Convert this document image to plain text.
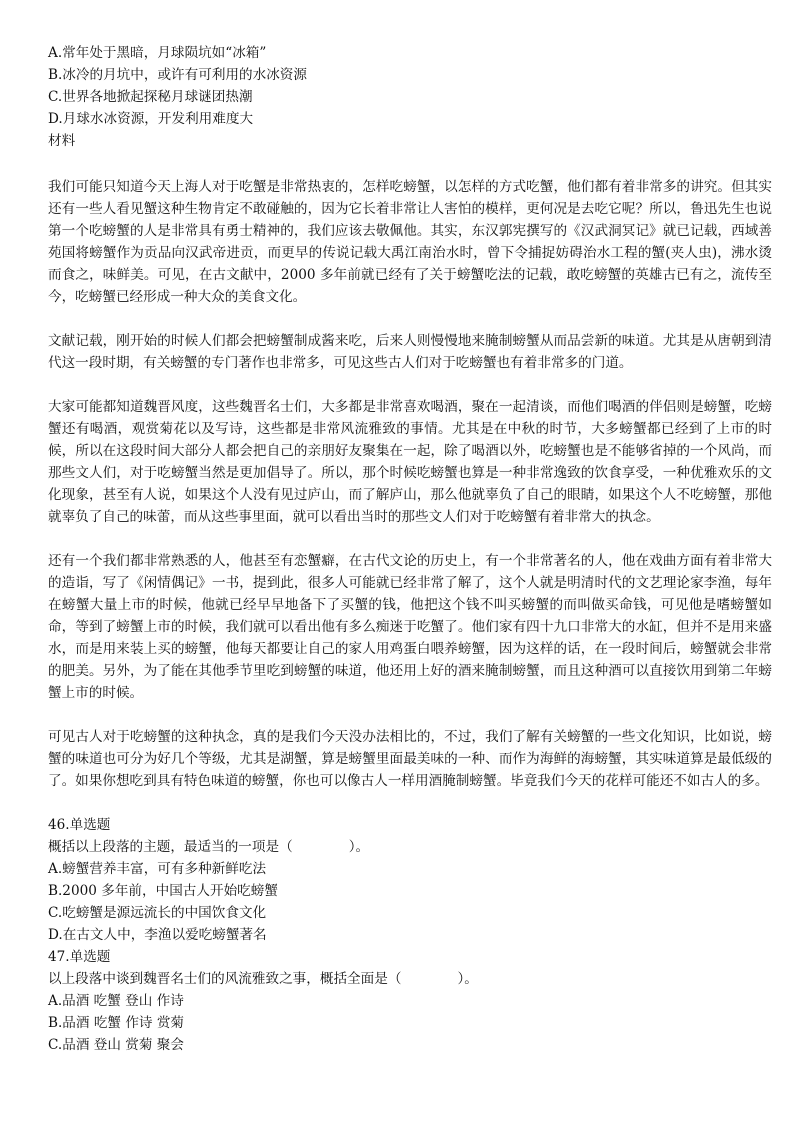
A.常年处于黑暗，月球陨坑如“冰箱”

B.冰冷的月坑中，或许有可利用的水冰资源

C.世界各地掀起探秘月球谜团热潮

D.月球水冰资源，开发利用难度大

材料

我们可能只知道今天上海人对于吃蟹是非常热衷的，怎样吃螃蟹，以怎样的方式吃蟹，他们都有着非常多的讲究。但其实还有一些人看见蟹这种生物肯定不敢碰触的，因为它长着非常让人害怕的模样，更何况是去吃它呢？所以，鲁迅先生也说第一个吃螃蟹的人是非常具有勇士精神的，我们应该去敬佩他。其实，东汉郭宪撰写的《汉武洞冥记》就已记载，西域善苑国将螃蟹作为贡品向汉武帝进贡，而更早的传说记载大禹江南治水时，曾下令捕捉妨碍治水工程的蟹(夹人虫)，沸水烫而食之，味鲜美。可见，在古文献中，2000 多年前就已经有了关于螃蟹吃法的记载，敢吃螃蟹的英雄古已有之，流传至今，吃螃蟹已经形成一种大众的美食文化。

文献记载，刚开始的时候人们都会把螃蟹制成酱来吃，后来人则慢慢地来腌制螃蟹从而品尝新的味道。尤其是从唐朝到清代这一段时期，有关螃蟹的专门著作也非常多，可见这些古人们对于吃螃蟹也有着非常多的门道。

大家可能都知道魏晋风度，这些魏晋名士们，大多都是非常喜欢喝酒，聚在一起清谈，而他们喝酒的伴侣则是螃蟹，吃螃蟹还有喝酒，观赏菊花以及写诗，这些都是非常风流雅致的事情。尤其是在中秋的时节，大多螃蟹都已经到了上市的时候，所以在这段时间大部分人都会把自己的亲朋好友聚集在一起，除了喝酒以外，吃螃蟹也是不能够省掉的一个风尚，而那些文人们，对于吃螃蟹当然是更加倡导了。所以，那个时候吃螃蟹也算是一种非常逸致的饮食享受，一种优雅欢乐的文化现象，甚至有人说，如果这个人没有见过庐山，而了解庐山，那么他就辜负了自己的眼睛，如果这个人不吃螃蟹，那他就辜负了自己的味蕾，而从这些事里面，就可以看出当时的那些文人们对于吃螃蟹有着非常大的执念。

还有一个我们都非常熟悉的人，他甚至有恋蟹癖，在古代文论的历史上，有一个非常著名的人，他在戏曲方面有着非常大的造诣，写了《闲情偶记》一书，提到此，很多人可能就已经非常了解了，这个人就是明清时代的文艺理论家李渔，每年在螃蟹大量上市的时候，他就已经早早地备下了买蟹的钱，他把这个钱不叫买螃蟹的而叫做买命钱，可见他是嗜螃蟹如命，等到了螃蟹上市的时候，我们就可以看出他有多么痴迷于吃蟹了。他们家有四十九口非常大的水缸，但并不是用来盛水，而是用来装上买的螃蟹，他每天都要让自己的家人用鸡蛋白喂养螃蟹，因为这样的话，在一段时间后，螃蟹就会非常的肥美。另外，为了能在其他季节里吃到螃蟹的味道，他还用上好的酒来腌制螃蟹，而且这种酒可以直接饮用到第二年螃蟹上市的时候。

可见古人对于吃螃蟹的这种执念，真的是我们今天没办法相比的，不过，我们了解有关螃蟹的一些文化知识，比如说，螃蟹的味道也可分为好几个等级，尤其是湖蟹，算是螃蟹里面最美味的一种、而作为海鲜的海螃蟹，其实味道算是最低级的了。如果你想吃到具有特色味道的螃蟹，你也可以像古人一样用酒腌制螃蟹。毕竟我们今天的花样可能还不如古人的多。

46.单选题

概括以上段落的主题，最适当的一项是（	）。

A.螃蟹营养丰富，可有多种新鲜吃法

B.2000 多年前，中国古人开始吃螃蟹

C.吃螃蟹是源远流长的中国饮食文化

D.在古文人中，李渔以爱吃螃蟹著名

47.单选题

以上段落中谈到魏晋名士们的风流雅致之事，概括全面是（	）。

A.品酒 吃蟹 登山 作诗

B.品酒 吃蟹 作诗 赏菊

C.品酒 登山 赏菊 聚会
